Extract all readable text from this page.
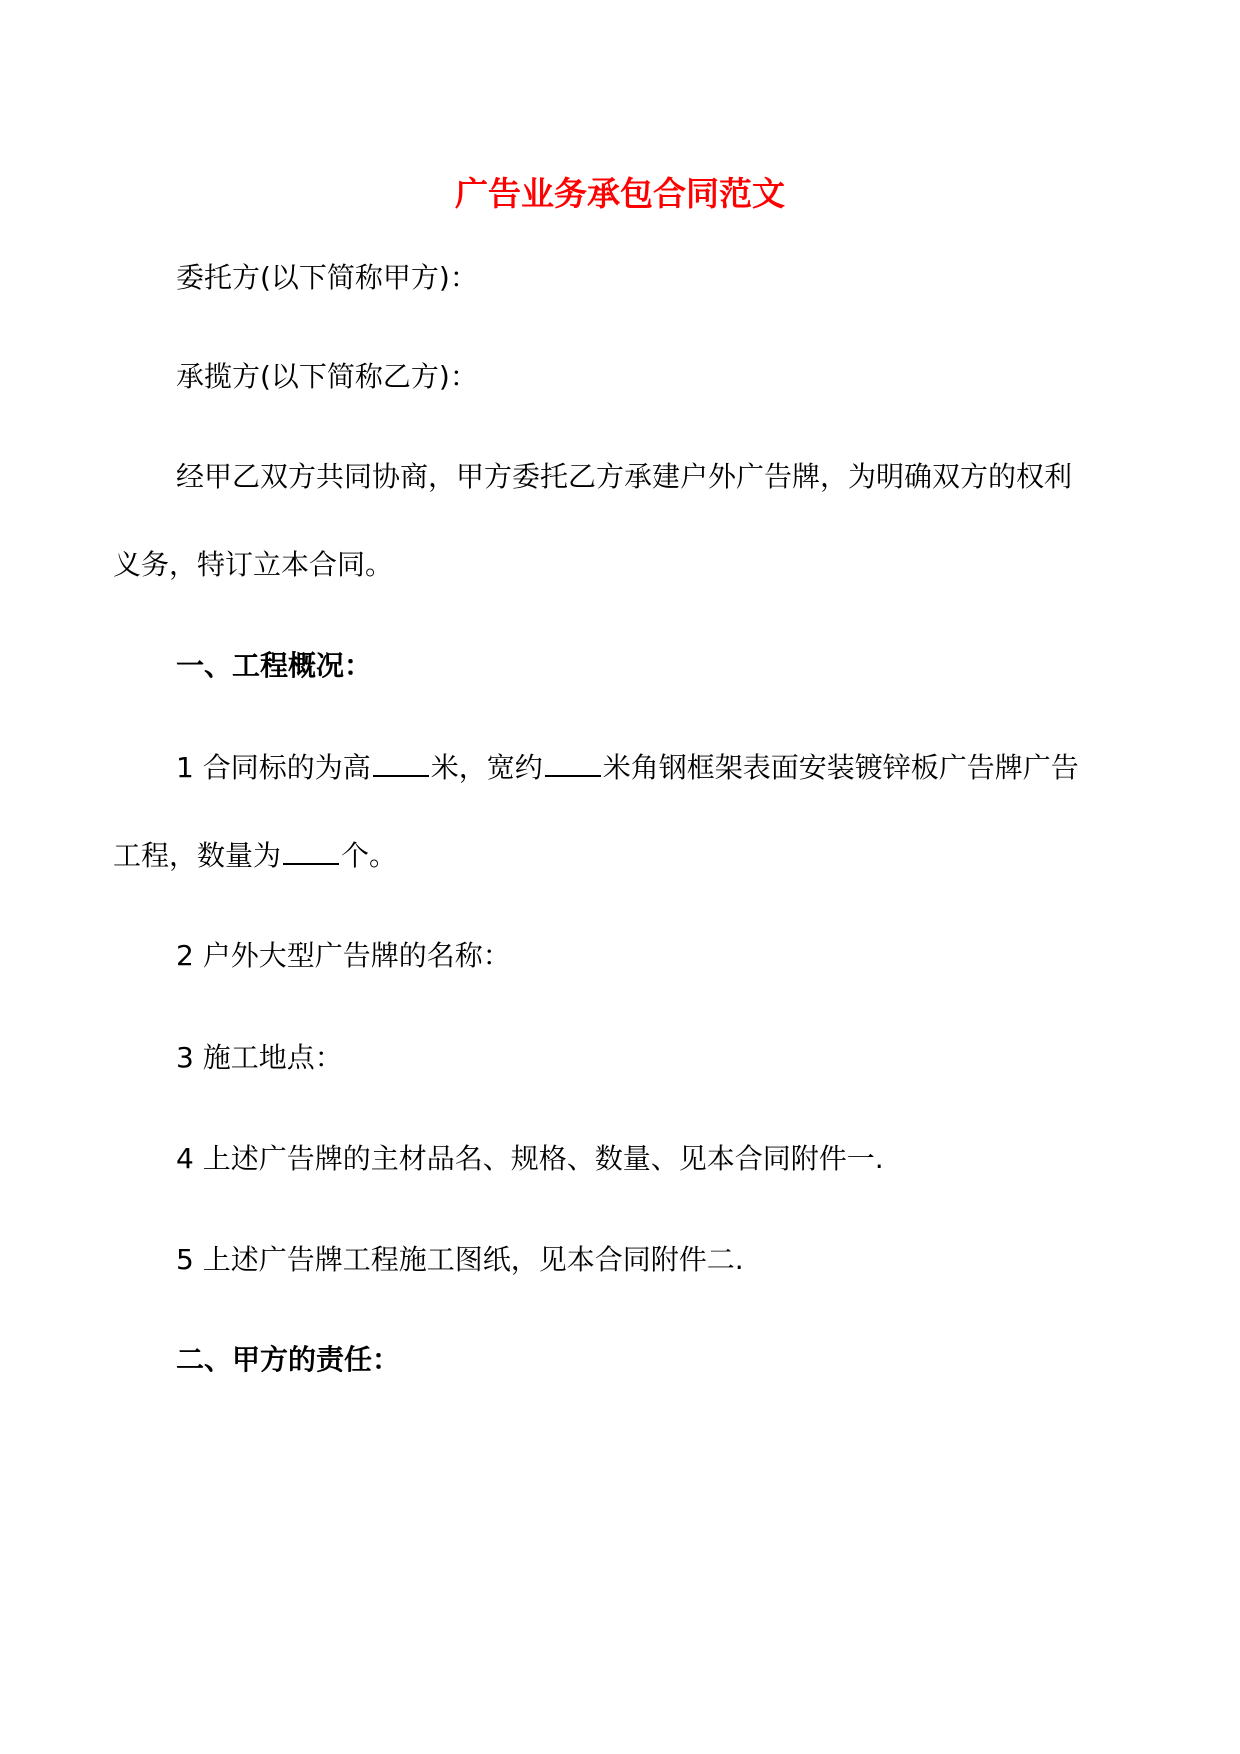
广告业务承包合同范文
委托方(以下简称甲方)：
承揽方(以下简称乙方)：
经甲乙双方共同协商，甲方委托乙方承建户外广告牌，为明确双方的权利
义务，特订立本合同。
一、工程概况：
1 合同标的为高 米，宽约 米角钢框架表面安装镀锌板广告牌广告
工程，数量为 个。
2 户外大型广告牌的名称：
3 施工地点：
4 上述广告牌的主材品名、规格、数量、见本合同附件一.
5 上述广告牌工程施工图纸，见本合同附件二.
二、甲方的责任：
